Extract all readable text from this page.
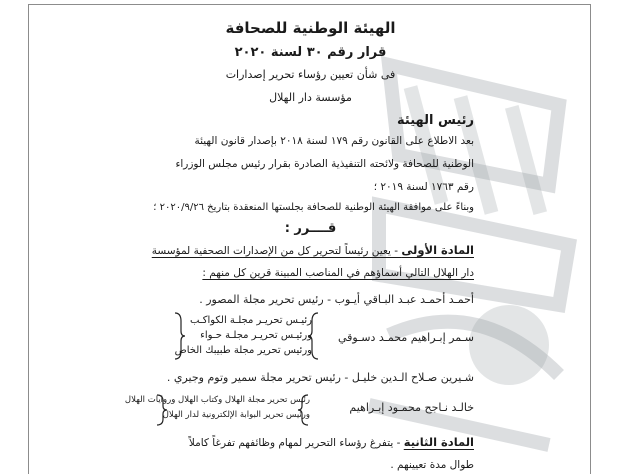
الهيئة الوطنية للصحافة
قرار رقم ٣٠ لسنة ٢٠٢٠
فى شأن تعيين رؤساء تحرير إصدارات
مؤسسة دار الهلال
رئيس الهيئة
بعد الاطلاع على القانون رقم ١٧٩ لسنة ٢٠١٨ بإصدار قانون الهيئة
الوطنية للصحافة ولائحته التنفيذية الصادرة بقرار رئيس مجلس الوزراء
رقم ١٧٦٣ لسنة ٢٠١٩ ؛
وبناءً على موافقة الهيئة الوطنية للصحافة بجلستها المنعقدة بتاريخ ٢٠٢٠/٩/٢٦ ؛
قــــرر :
المادة الأولى - يعين رئيساً لتحرير كل من الإصدارات الصحفية لمؤسسة
دار الهلال التالي أسماؤهم في المناصب المبينة قرين كل منهم :
أحمـد أحمـد عبـد البـاقي أيـوب - رئيس تحرير مجلة المصور .
رئيـس تحريـر مجلـة الكواكـب
ورئيـس تحريـر مجلـة حـواء
ورئيس تحرير مجلة طبيبك الخاص
سـمر إبـراهيم محمـد دسـوقي
شـيرين صـلاح الـدين خليـل - رئيس تحرير مجلة سمير وتوم وجيري .
رئيس تحرير مجلة الهلال وكتاب الهلال وروايات الهلال
ورئيس تحرير البوابة الإلكترونية لدار الهلال
خالـد نـاجح محمـود إبـراهيم
المادة الثانية - يتفرغ رؤساء التحرير لمهام وظائفهم تفرغاً كاملاً
طوال مدة تعيينهم .
